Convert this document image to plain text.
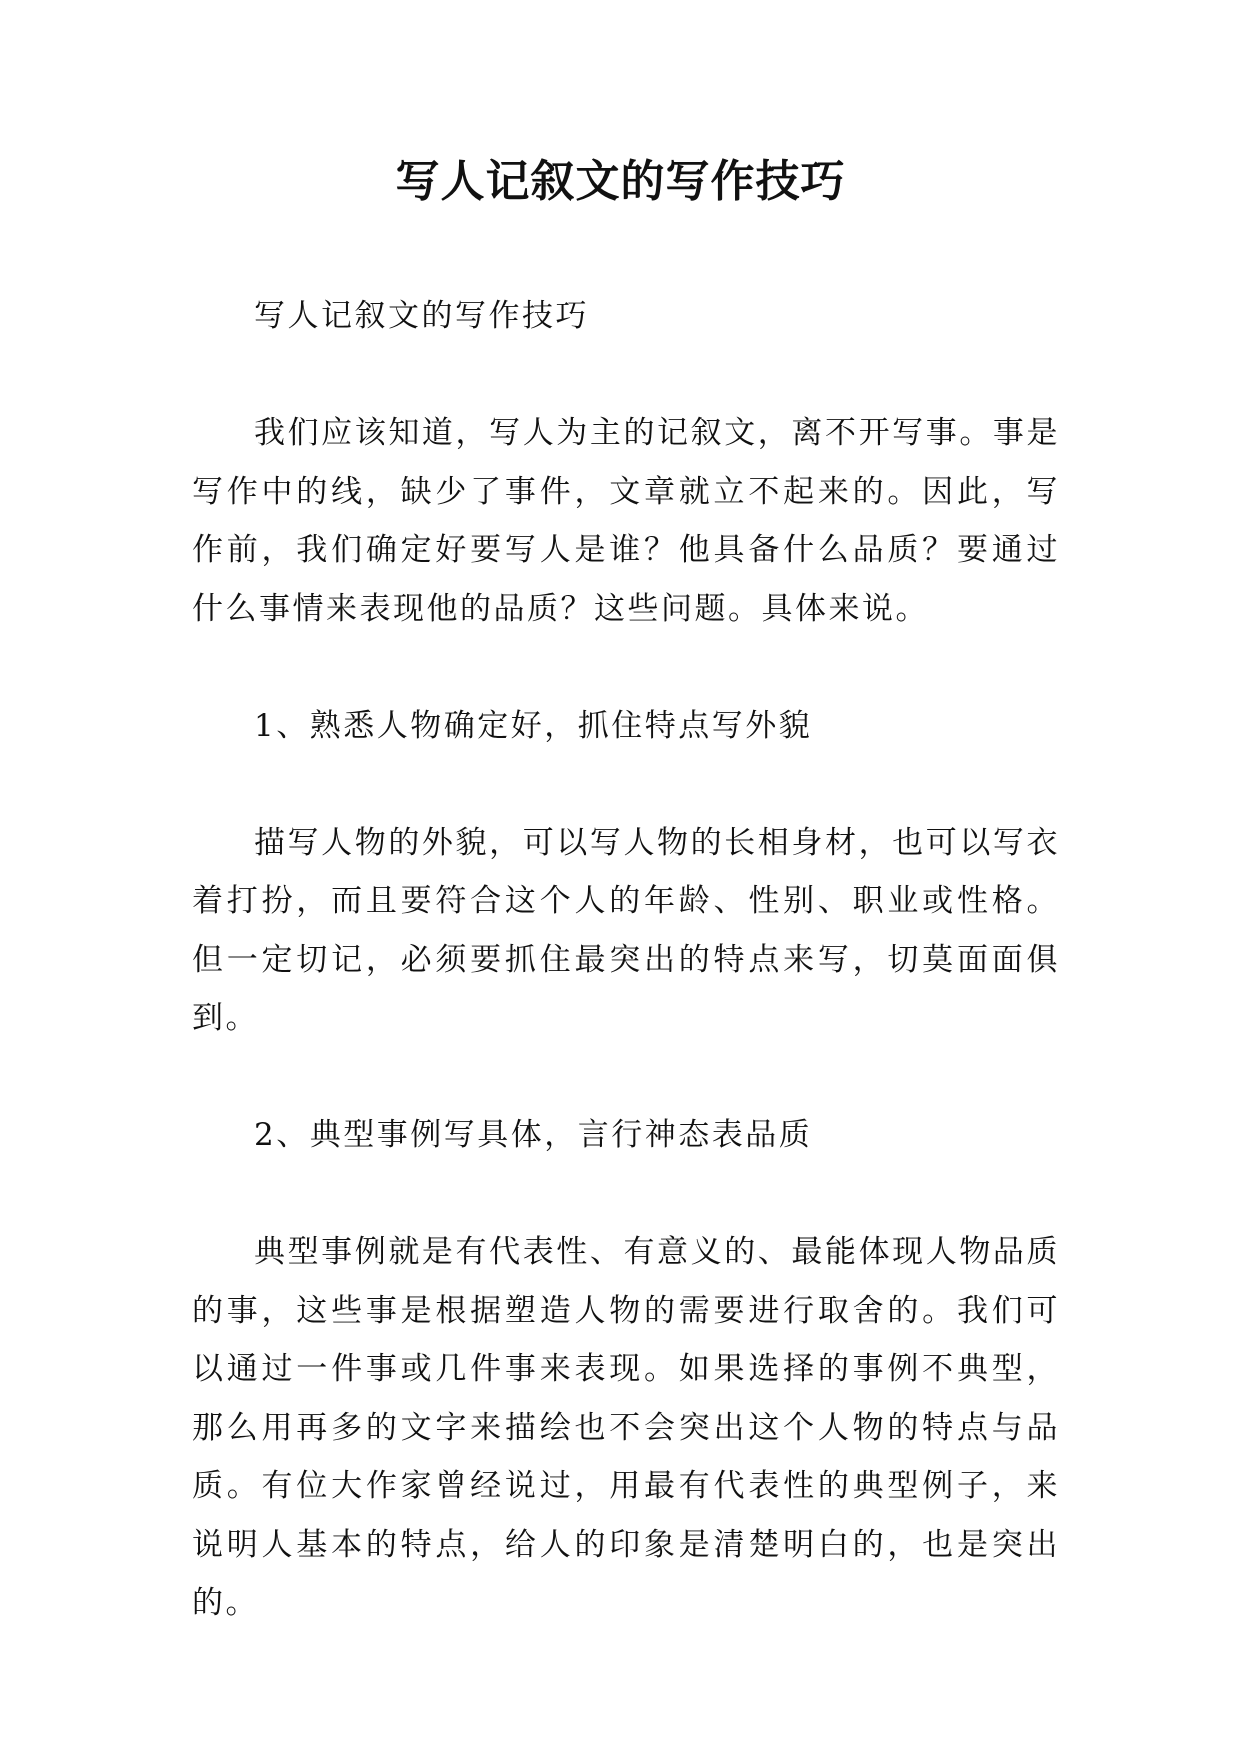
写人记叙文的写作技巧

写人记叙文的写作技巧

我们应该知道，写人为主的记叙文，离不开写事。事是写作中的线，缺少了事件，文章就立不起来的。因此，写作前，我们确定好要写人是谁？他具备什么品质？要通过什么事情来表现他的品质？这些问题。具体来说。

1、熟悉人物确定好，抓住特点写外貌

描写人物的外貌，可以写人物的长相身材，也可以写衣着打扮，而且要符合这个人的年龄、性别、职业或性格。但一定切记，必须要抓住最突出的特点来写，切莫面面俱到。

2、典型事例写具体，言行神态表品质

典型事例就是有代表性、有意义的、最能体现人物品质的事，这些事是根据塑造人物的需要进行取舍的。我们可以通过一件事或几件事来表现。如果选择的事例不典型，那么用再多的文字来描绘也不会突出这个人物的特点与品质。有位大作家曾经说过，用最有代表性的典型例子，来说明人基本的特点，给人的印象是清楚明白的，也是突出的。
